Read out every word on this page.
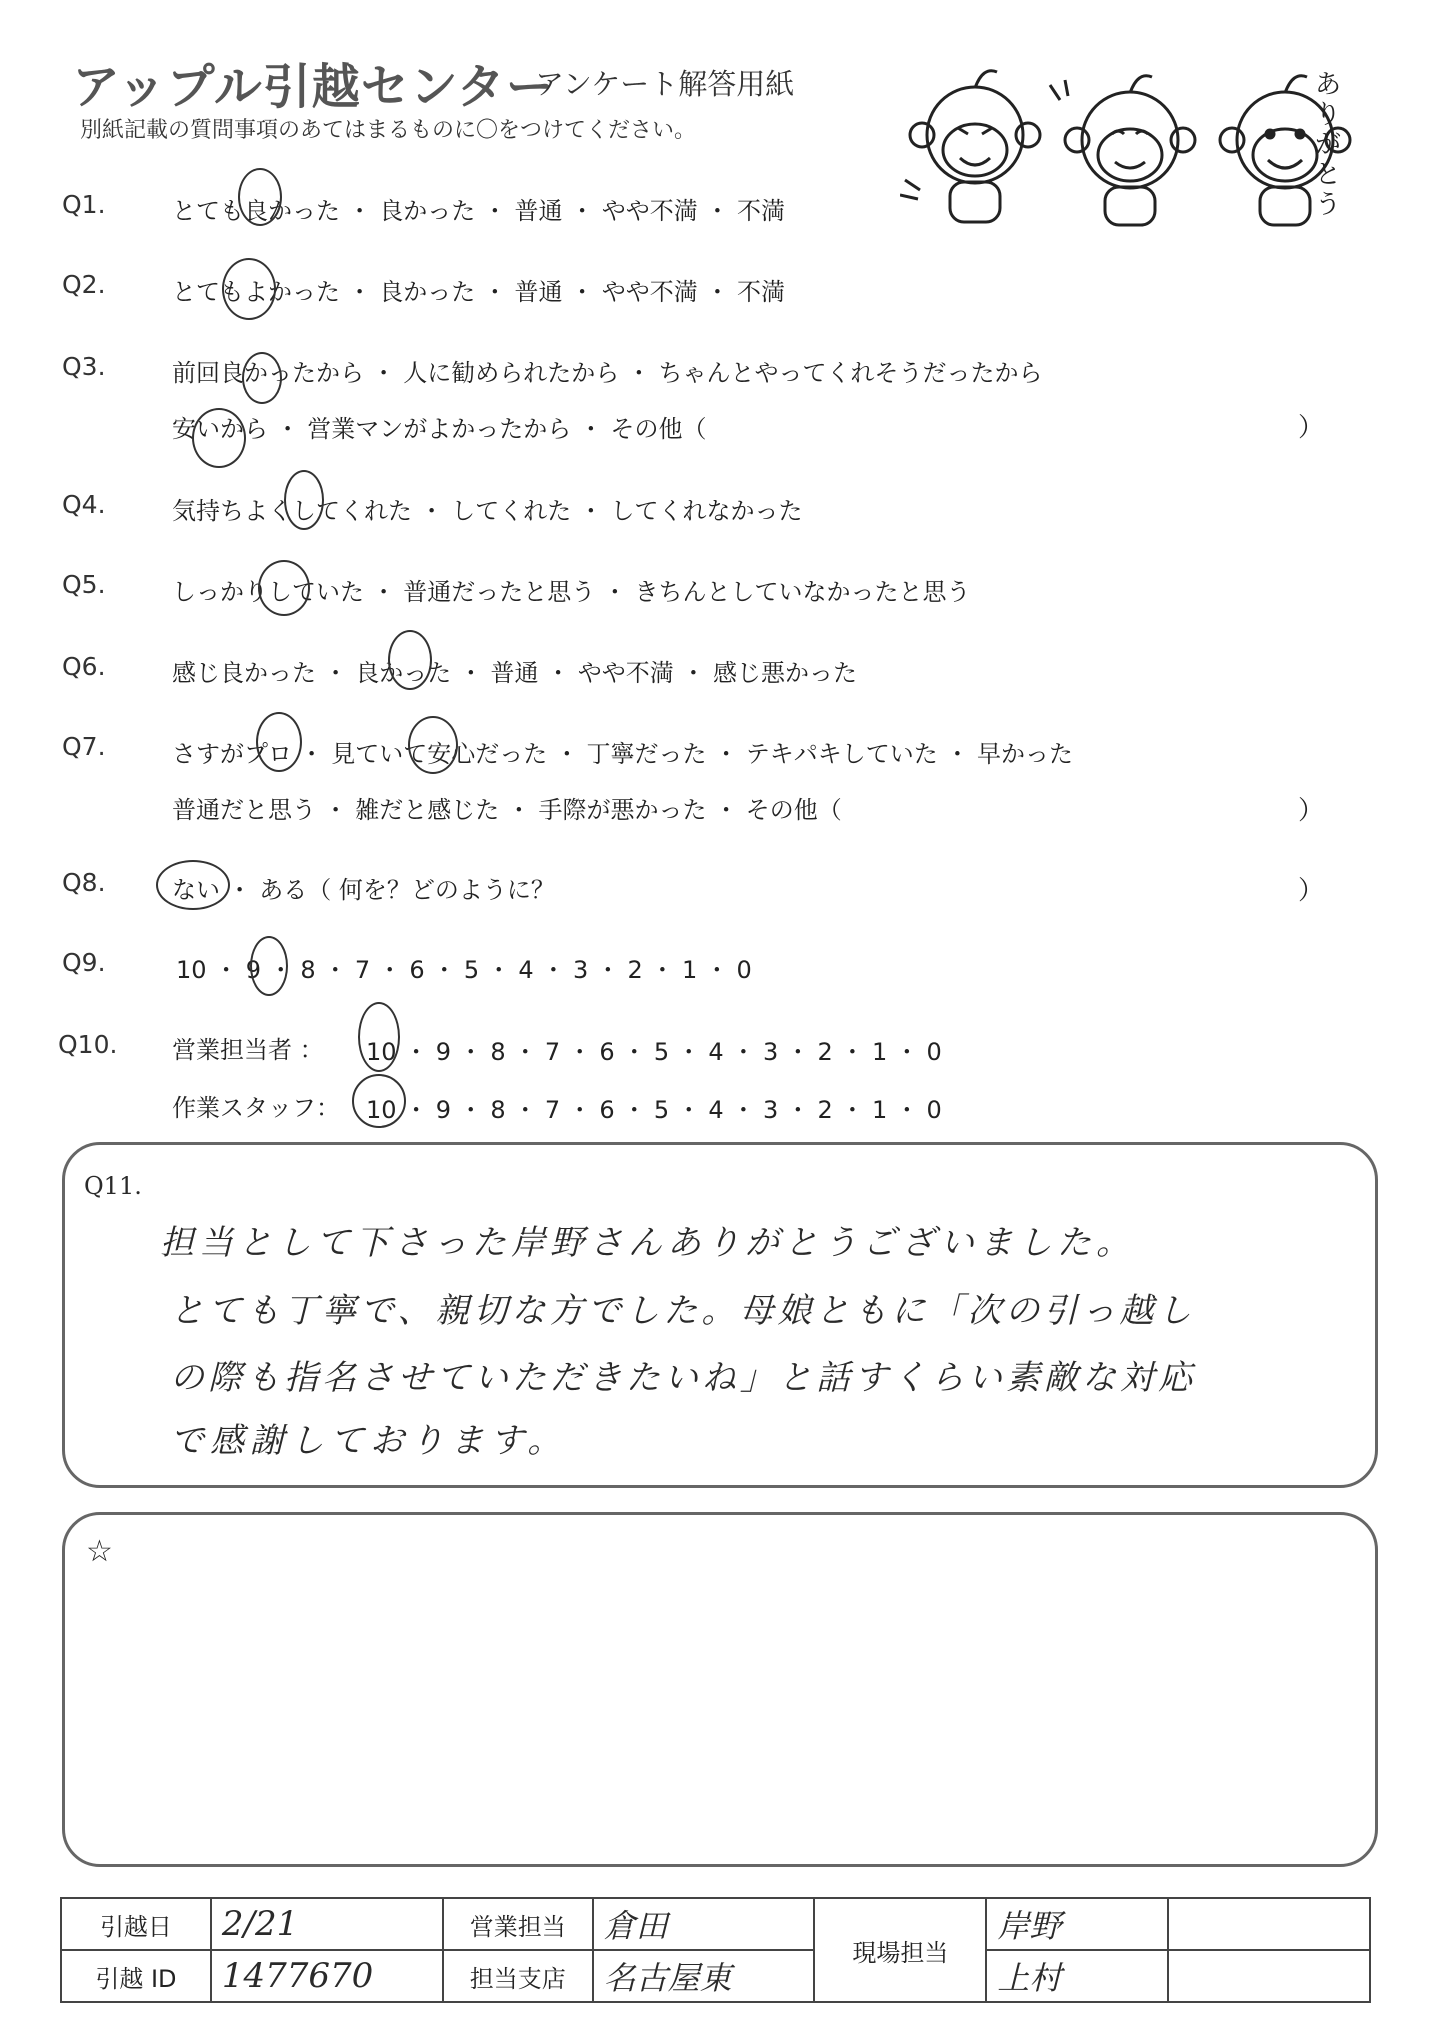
アップル引越センター
アンケート解答用紙
別紙記載の質問事項のあてはまるものに〇をつけてください。
ありがとう
Q1.	とても良かった ・ 良かった ・ 普通 ・ やや不満 ・ 不満
Q2.	とてもよかった ・ 良かった ・ 普通 ・ やや不満 ・ 不満
Q3.	前回良かったから ・ 人に勧められたから ・ ちゃんとやってくれそうだったから
安いから ・ 営業マンがよかったから ・ その他（	）
Q4.	気持ちよくしてくれた ・ してくれた ・ してくれなかった
Q5.	しっかりしていた ・ 普通だったと思う ・ きちんとしていなかったと思う
Q6.	感じ良かった ・ 良かった ・ 普通 ・ やや不満 ・ 感じ悪かった
Q7.	さすがプロ ・ 見ていて安心だった ・ 丁寧だった ・ テキパキしていた ・ 早かった
普通だと思う ・ 雑だと感じた ・ 手際が悪かった ・ その他（	）
Q8.	ない ・ ある（ 何を？どのように？	）
Q9.	10 ・ 9 ・ 8 ・ 7 ・ 6 ・ 5 ・ 4 ・ 3 ・ 2 ・ 1 ・ 0
Q10. 営業担当者 ： 10 ・ 9 ・ 8 ・ 7 ・ 6 ・ 5 ・ 4 ・ 3 ・ 2 ・ 1 ・ 0
作業スタッフ： 10 ・ 9 ・ 8 ・ 7 ・ 6 ・ 5 ・ 4 ・ 3 ・ 2 ・ 1 ・ 0
Q11.
担当として下さった岸野さんありがとうございました。
とても丁寧で、親切な方でした。母娘ともに「次の引っ越し
の際も指名させていただきたいね」と話すくらい素敵な対応
で感謝しております。
☆
引越日	2/21	営業担当	倉田	現場担当	岸野	
引越 ID	1477670	担当支店	名古屋東		上村	
